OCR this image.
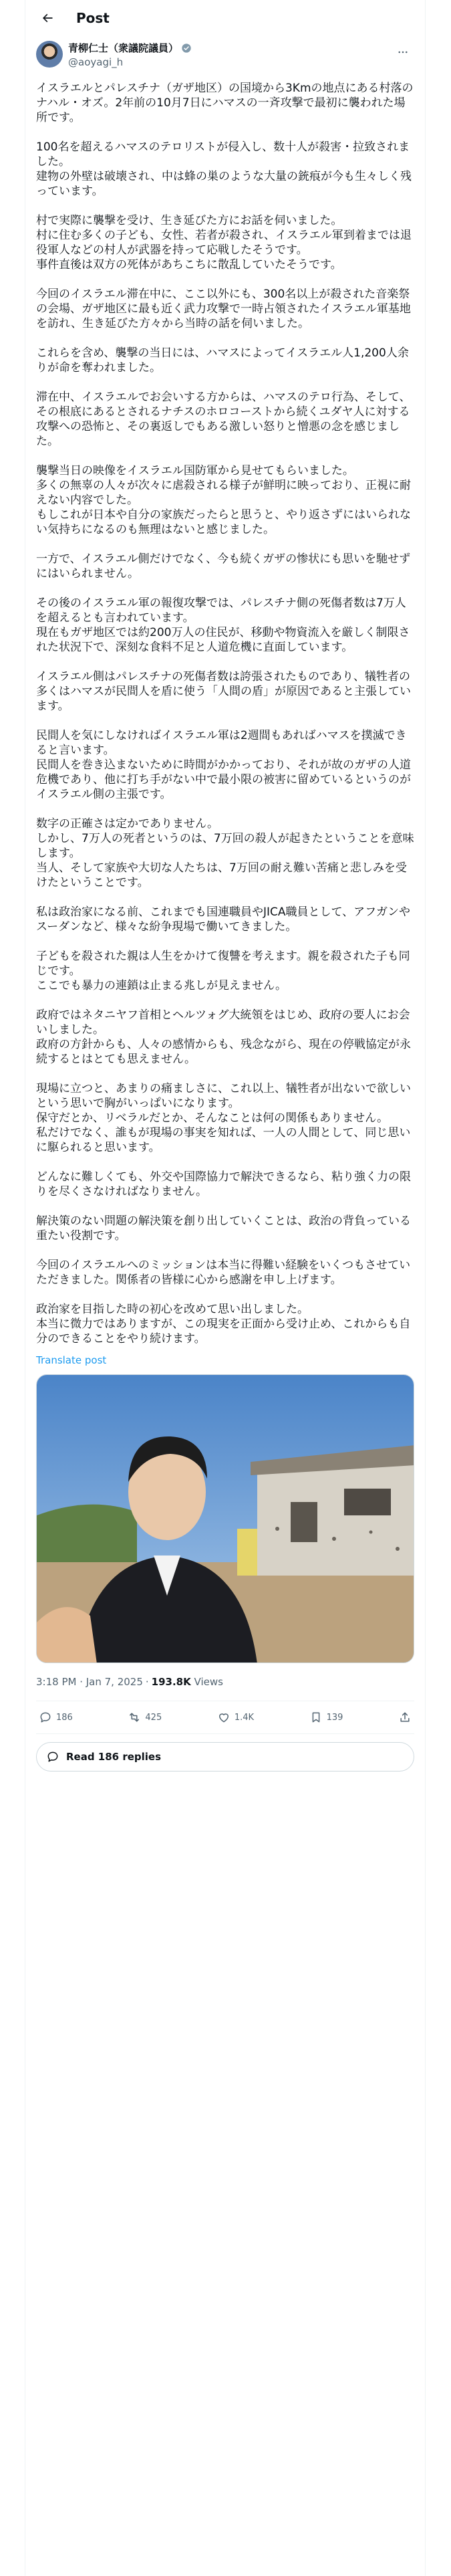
Post
青柳仁士（衆議院議員）
@aoyagi_h
イスラエルとパレスチナ（ガザ地区）の国境から3Kmの地点にある村落のナハル・オズ。2年前の10月7日にハマスの一斉攻撃で最初に襲われた場所です。

100名を超えるハマスのテロリストが侵入し、数十人が殺害・拉致されました。
建物の外壁は破壊され、中は蜂の巣のような大量の銃痕が今も生々しく残っています。

村で実際に襲撃を受け、生き延びた方にお話を伺いました。
村に住む多くの子ども、女性、若者が殺され、イスラエル軍到着までは退役軍人などの村人が武器を持って応戦したそうです。
事件直後は双方の死体があちこちに散乱していたそうです。

今回のイスラエル滞在中に、ここ以外にも、300名以上が殺された音楽祭の会場、ガザ地区に最も近く武力攻撃で一時占領されたイスラエル軍基地を訪れ、生き延びた方々から当時の話を伺いました。

これらを含め、襲撃の当日には、ハマスによってイスラエル人1,200人余りが命を奪われました。

滞在中、イスラエルでお会いする方からは、ハマスのテロ行為、そして、その根底にあるとされるナチスのホロコーストから続くユダヤ人に対する攻撃への恐怖と、その裏返しでもある激しい怒りと憎悪の念を感じました。

襲撃当日の映像をイスラエル国防軍から見せてもらいました。
多くの無辜の人々が次々に虐殺される様子が鮮明に映っており、正視に耐えない内容でした。
もしこれが日本や自分の家族だったらと思うと、やり返さずにはいられない気持ちになるのも無理はないと感じました。

一方で、イスラエル側だけでなく、今も続くガザの惨状にも思いを馳せずにはいられません。

その後のイスラエル軍の報復攻撃では、パレスチナ側の死傷者数は7万人を超えるとも言われています。
現在もガザ地区では約200万人の住民が、移動や物資流入を厳しく制限された状況下で、深刻な食料不足と人道危機に直面しています。

イスラエル側はパレスチナの死傷者数は誇張されたものであり、犠牲者の多くはハマスが民間人を盾に使う「人間の盾」が原因であると主張しています。

民間人を気にしなければイスラエル軍は2週間もあればハマスを撲滅できると言います。
民間人を巻き込まないために時間がかかっており、それが故のガザの人道危機であり、他に打ち手がない中で最小限の被害に留めているというのがイスラエル側の主張です。

数字の正確さは定かでありません。
しかし、7万人の死者というのは、7万回の殺人が起きたということを意味します。
当人、そして家族や大切な人たちは、7万回の耐え難い苦痛と悲しみを受けたということです。

私は政治家になる前、これまでも国連職員やJICA職員として、アフガンやスーダンなど、様々な紛争現場で働いてきました。

子どもを殺された親は人生をかけて復讐を考えます。親を殺された子も同じです。
ここでも暴力の連鎖は止まる兆しが見えません。

政府ではネタニヤフ首相とヘルツォグ大統領をはじめ、政府の要人にお会いしました。
政府の方針からも、人々の感情からも、残念ながら、現在の停戦協定が永続するとはとても思えません。

現場に立つと、あまりの痛ましさに、これ以上、犠牲者が出ないで欲しいという思いで胸がいっぱいになります。
保守だとか、リベラルだとか、そんなことは何の関係もありません。
私だけでなく、誰もが現場の事実を知れば、一人の人間として、同じ思いに駆られると思います。

どんなに難しくても、外交や国際協力で解決できるなら、粘り強く力の限りを尽くさなければなりません。

解決策のない問題の解決策を創り出していくことは、政治の背負っている重たい役割です。

今回のイスラエルへのミッションは本当に得難い経験をいくつもさせていただきました。関係者の皆様に心から感謝を申し上げます。

政治家を目指した時の初心を改めて思い出しました。
本当に微力ではありますが、この現実を正面から受け止め、これからも自分のできることをやり続けます。
Translate post
3:18 PM · Jan 7, 2025 · 193.8K
Views
186	425	1.4K	139
Read 186 replies
